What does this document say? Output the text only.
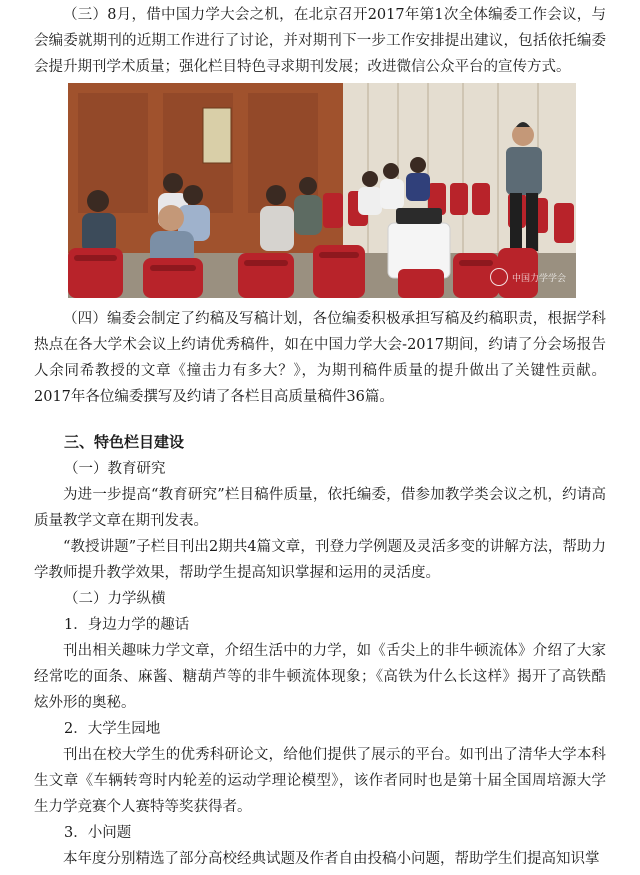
（三）8月，借中国力学大会之机，在北京召开2017年第1次全体编委工作会议，与会编委就期刊的近期工作进行了讨论，并对期刊下一步工作安排提出建议，包括依托编委会提升期刊学术质量；强化栏目特色寻求期刊发展；改进微信公众平台的宣传方式。

中国力学学会

（四）编委会制定了约稿及写稿计划，各位编委积极承担写稿及约稿职责，根据学科热点在各大学术会议上约请优秀稿件，如在中国力学大会-2017期间，约请了分会场报告人余同希教授的文章《撞击力有多大？》，为期刊稿件质量的提升做出了关键性贡献。2017年各位编委撰写及约请了各栏目高质量稿件36篇。

三、特色栏目建设

（一）教育研究

为进一步提高“教育研究”栏目稿件质量，依托编委，借参加教学类会议之机，约请高质量教学文章在期刊发表。

“教授讲题”子栏目刊出2期共4篇文章，刊登力学例题及灵活多变的讲解方法，帮助力学教师提升教学效果，帮助学生提高知识掌握和运用的灵活度。

（二）力学纵横

1．身边力学的趣话

刊出相关趣味力学文章，介绍生活中的力学，如《舌尖上的非牛顿流体》介绍了大家经常吃的面条、麻酱、糖葫芦等的非牛顿流体现象；《高铁为什么长这样》揭开了高铁酷炫外形的奥秘。

2．大学生园地

刊出在校大学生的优秀科研论文，给他们提供了展示的平台。如刊出了清华大学本科生文章《车辆转弯时内轮差的运动学理论模型》，该作者同时也是第十届全国周培源大学生力学竞赛个人赛特等奖获得者。

3．小问题

本年度分别精选了部分高校经典试题及作者自由投稿小问题，帮助学生们提高知识掌
